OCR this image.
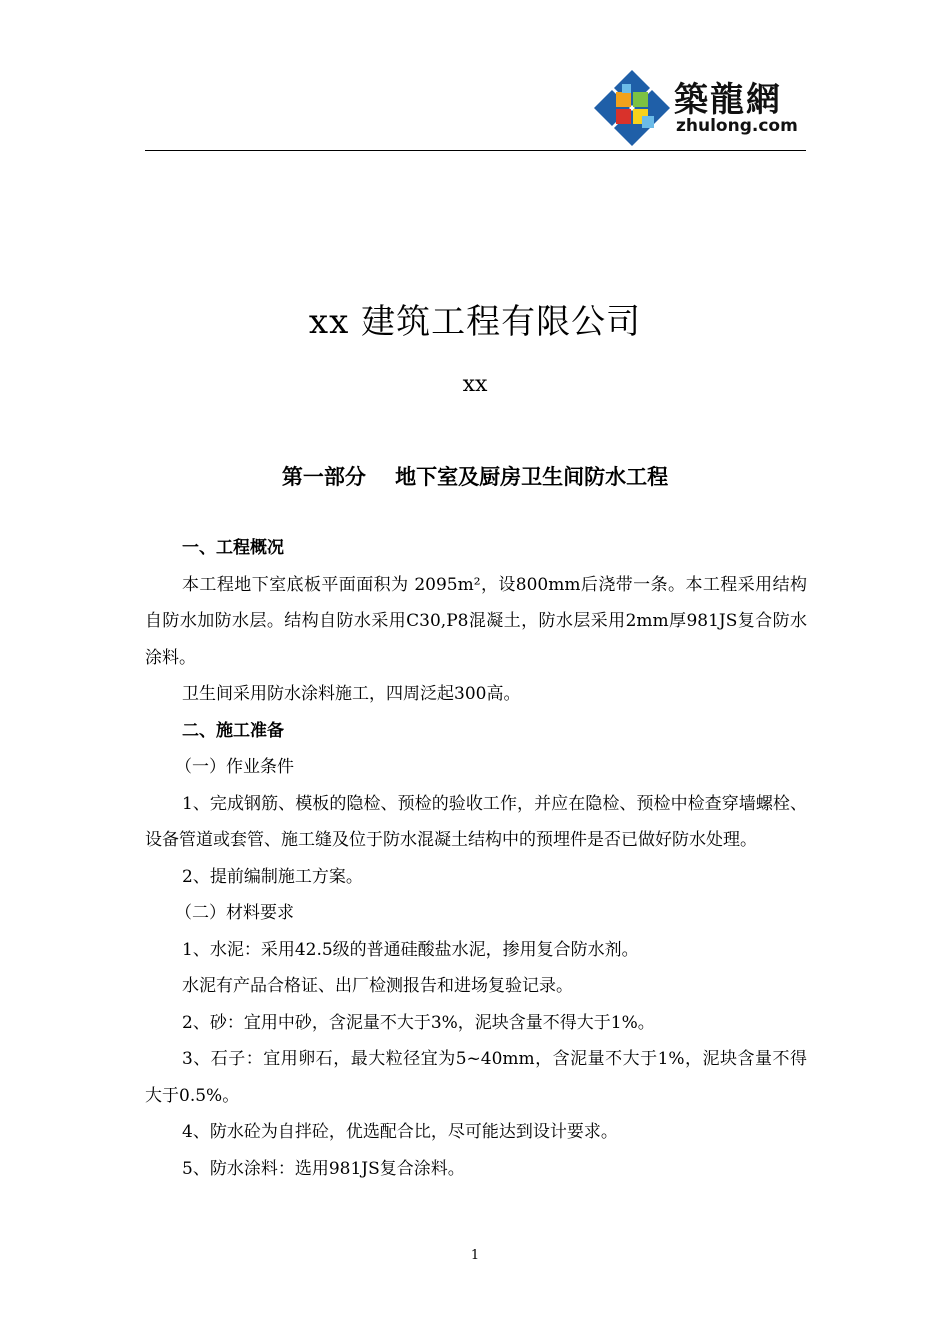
築龍網
zhulong.com
xx 建筑工程有限公司
xx
第一部分    地下室及厨房卫生间防水工程

一、工程概况

本工程地下室底板平面面积为 2095m²，设800mm后浇带一条。本工程采用结构自防水加防水层。结构自防水采用C30,P8混凝土，防水层采用2mm厚981JS复合防水涂料。

卫生间采用防水涂料施工，四周泛起300高。

二、施工准备

（一）作业条件

1、完成钢筋、模板的隐检、预检的验收工作，并应在隐检、预检中检查穿墙螺栓、设备管道或套管、施工缝及位于防水混凝土结构中的预埋件是否已做好防水处理。

2、提前编制施工方案。

（二）材料要求

1、水泥：采用42.5级的普通硅酸盐水泥，掺用复合防水剂。

水泥有产品合格证、出厂检测报告和进场复验记录。

2、砂：宜用中砂，含泥量不大于3%，泥块含量不得大于1%。

3、石子：宜用卵石，最大粒径宜为5~40mm，含泥量不大于1%，泥块含量不得大于0.5%。

4、防水砼为自拌砼，优选配合比，尽可能达到设计要求。

5、防水涂料：选用981JS复合涂料。

1
